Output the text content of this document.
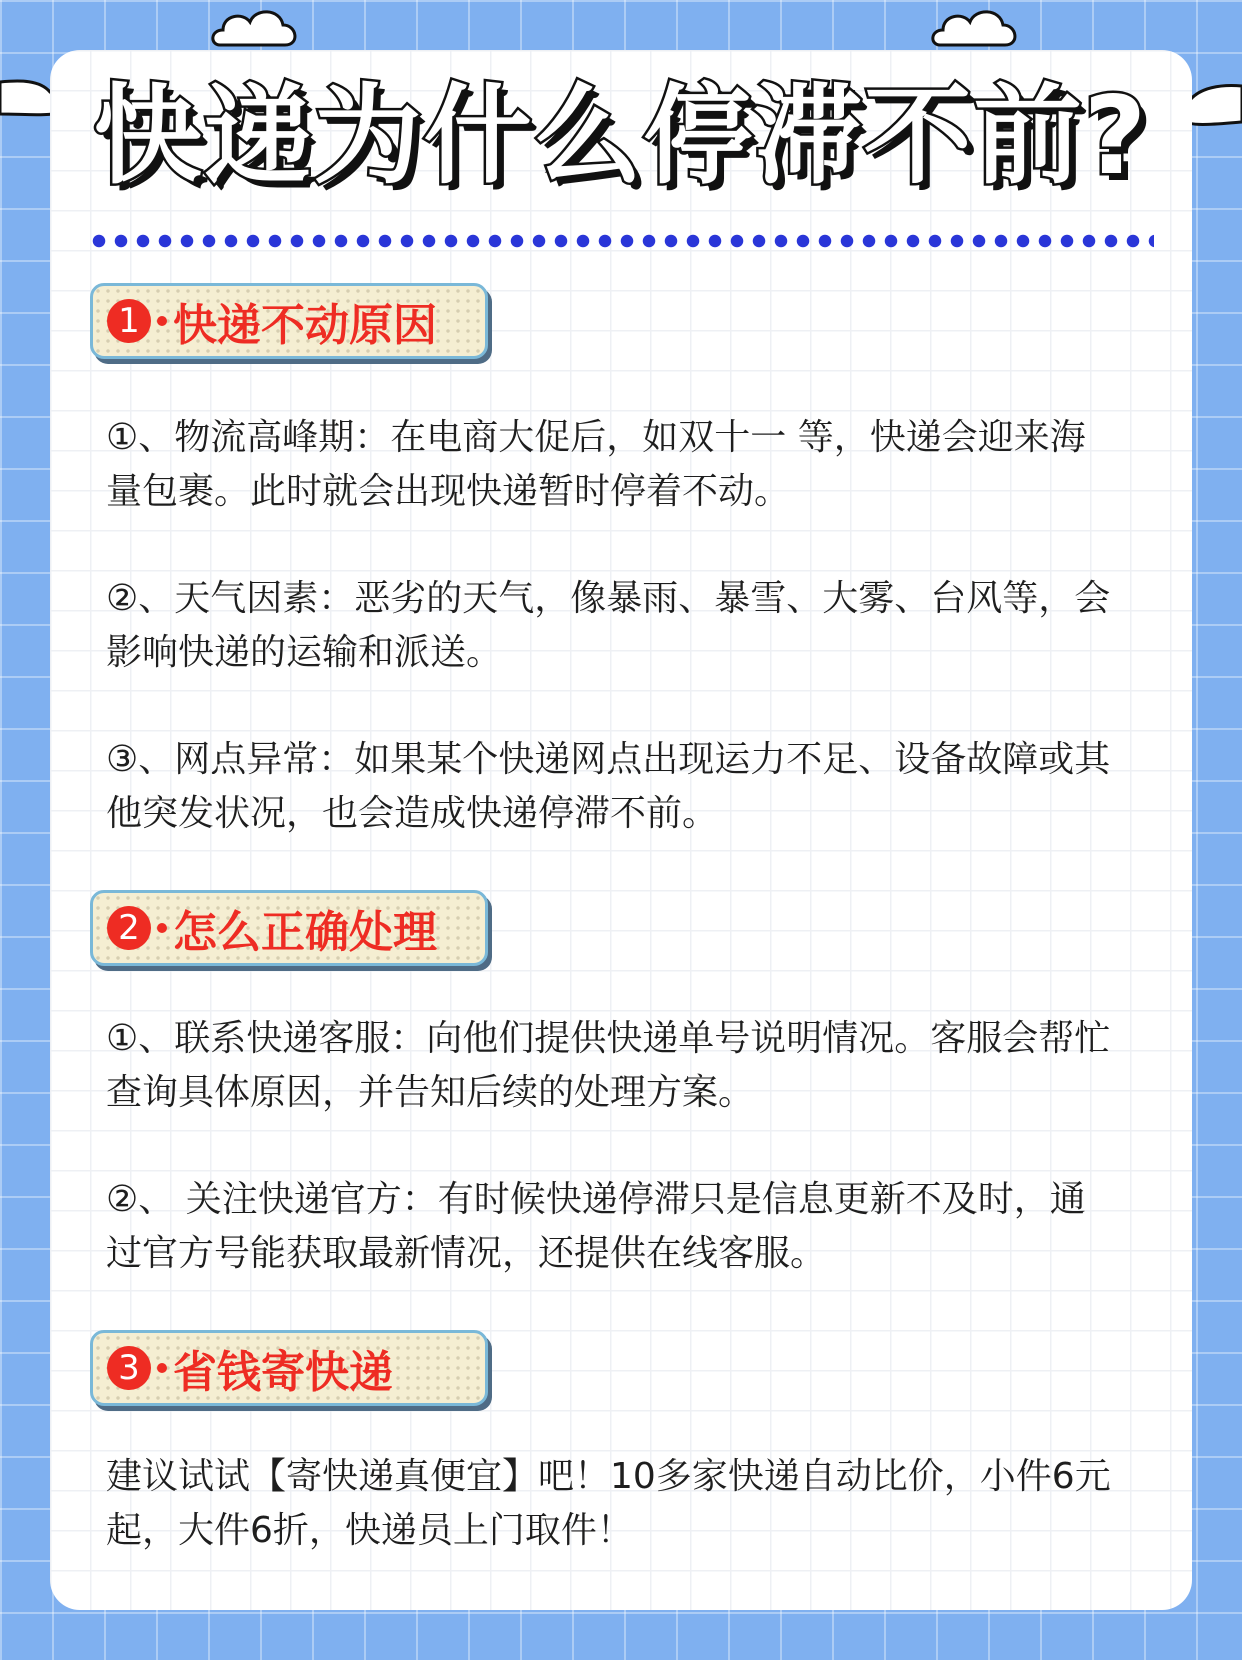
快递为什么停滞不前?
1 快递不动原因

①、物流高峰期：在电商大促后，如双十一 等，快递会迎来海量包裹。此时就会出现快递暂时停着不动。

②、天气因素：恶劣的天气，像暴雨、暴雪、大雾、台风等，会影响快递的运输和派送。

③、网点异常：如果某个快递网点出现运力不足、设备故障或其他突发状况，也会造成快递停滞不前。

2 怎么正确处理

①、联系快递客服：向他们提供快递单号说明情况。客服会帮忙查询具体原因，并告知后续的处理方案。

②、 关注快递官方：有时候快递停滞只是信息更新不及时，通过官方号能获取最新情况，还提供在线客服。

3 省钱寄快递

建议试试【寄快递真便宜】吧！10多家快递自动比价，小件6元起，大件6折，快递员上门取件！
